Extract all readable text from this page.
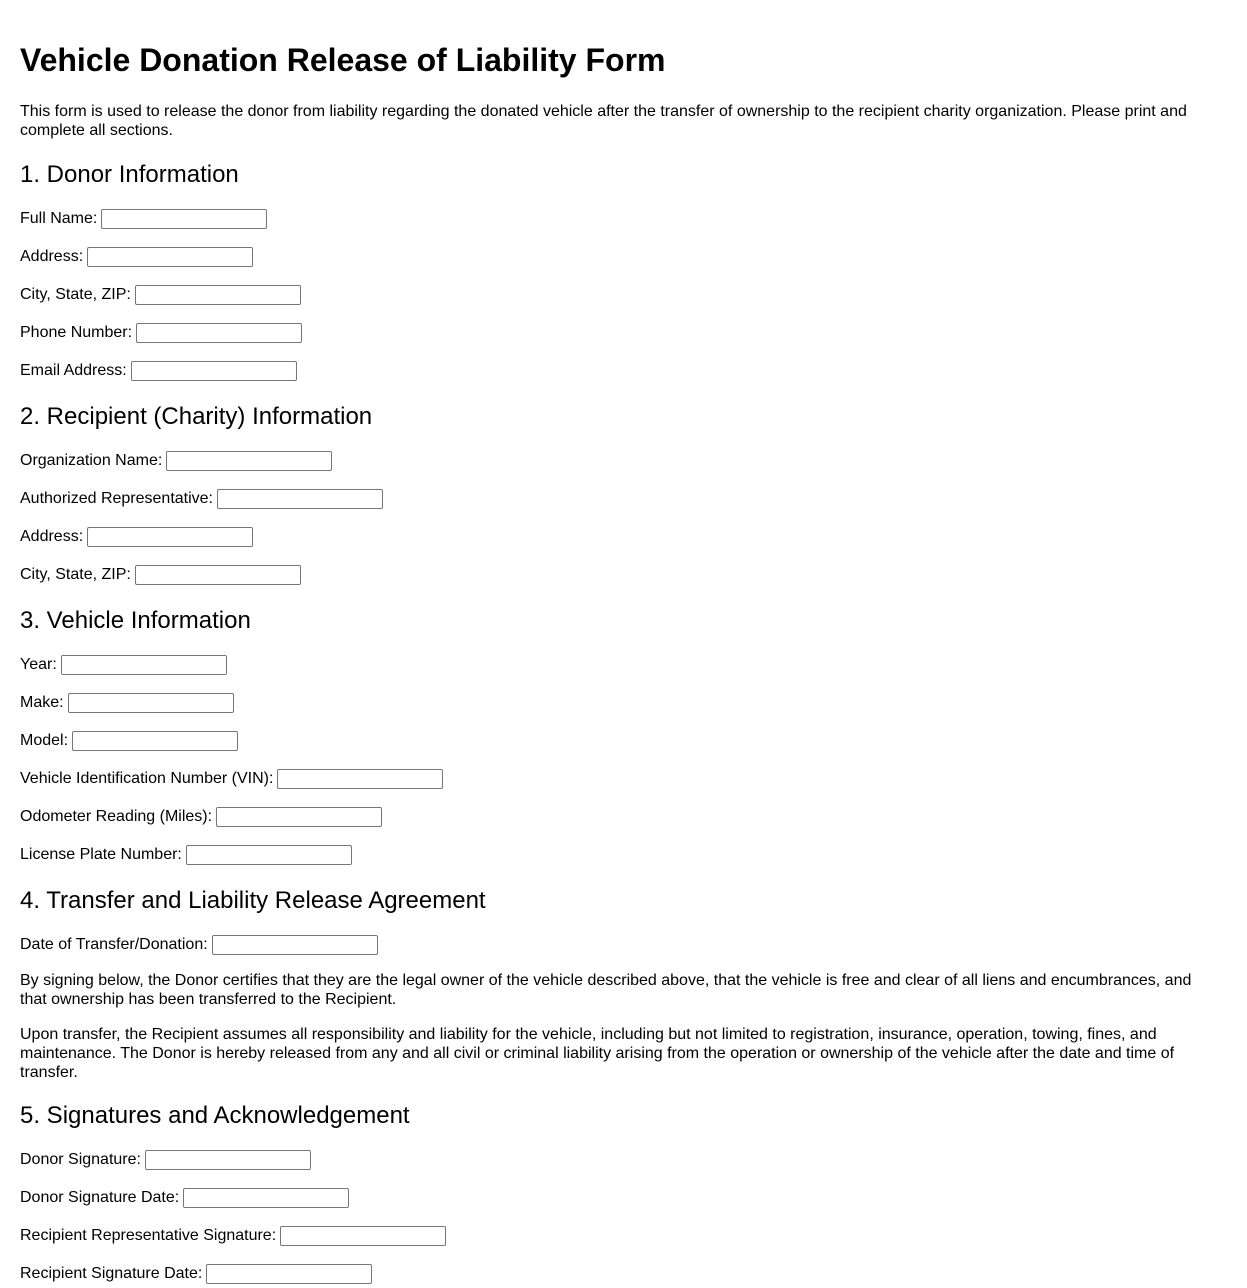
Vehicle Donation Release of Liability Form

This form is used to release the donor from liability regarding the donated vehicle after the transfer of ownership to the recipient charity organization. Please print and complete all sections.

1. Donor Information
Full Name:
Address:
City, State, ZIP:
Phone Number:
Email Address:
2. Recipient (Charity) Information
Organization Name:
Authorized Representative:
Address:
City, State, ZIP:
3. Vehicle Information
Year:
Make:
Model:
Vehicle Identification Number (VIN):
Odometer Reading (Miles):
License Plate Number:
4. Transfer and Liability Release Agreement
Date of Transfer/Donation:

By signing below, the Donor certifies that they are the legal owner of the vehicle described above, that the vehicle is free and clear of all liens and encumbrances, and that ownership has been transferred to the Recipient.

Upon transfer, the Recipient assumes all responsibility and liability for the vehicle, including but not limited to registration, insurance, operation, towing, fines, and maintenance. The Donor is hereby released from any and all civil or criminal liability arising from the operation or ownership of the vehicle after the date and time of transfer.

5. Signatures and Acknowledgement
Donor Signature:
Donor Signature Date:
Recipient Representative Signature:
Recipient Signature Date:
